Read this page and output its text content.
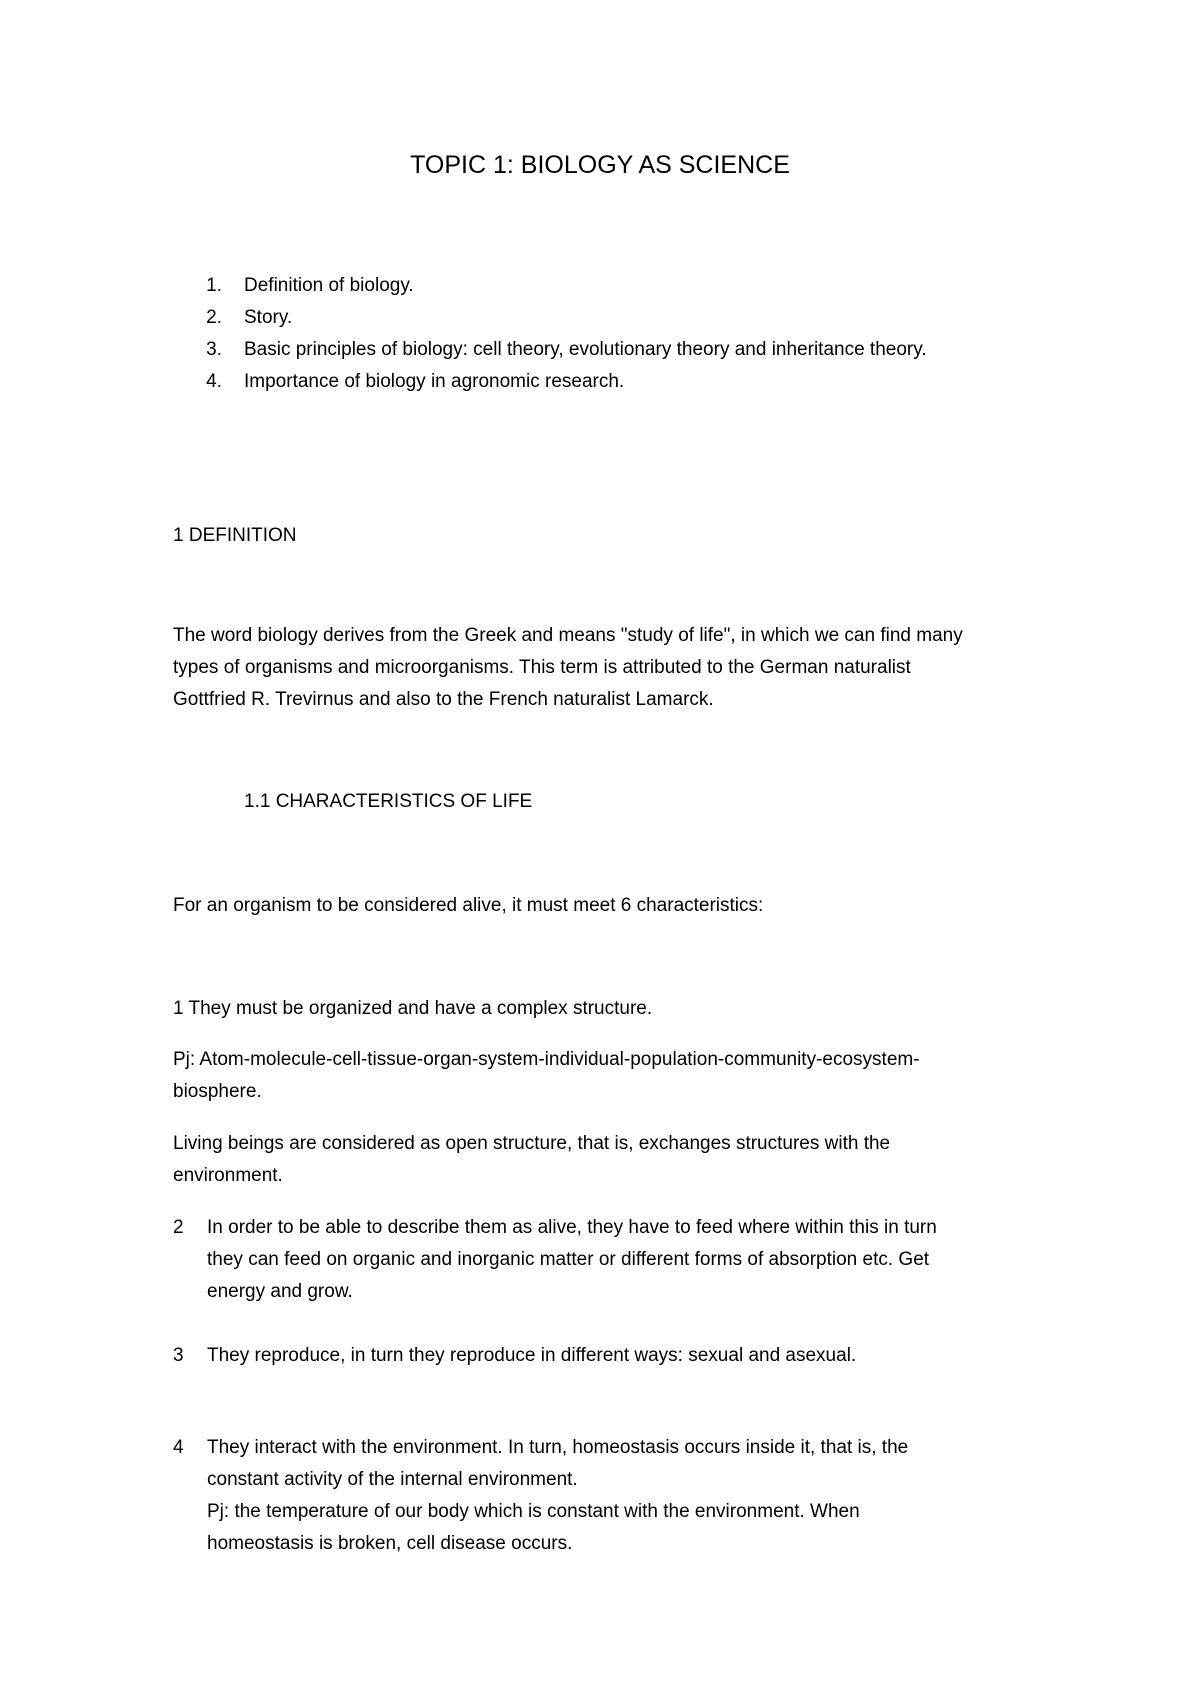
TOPIC 1: BIOLOGY AS SCIENCE
1.	Definition of biology.
2.	Story.
3.	Basic principles of biology: cell theory, evolutionary theory and inheritance theory.
4.	Importance of biology in agronomic research.
1 DEFINITION
The word biology derives from the Greek and means "study of life", in which we can find many
types of organisms and microorganisms. This term is attributed to the German naturalist
Gottfried R. Trevirnus and also to the French naturalist Lamarck.
1.1 CHARACTERISTICS OF LIFE
For an organism to be considered alive, it must meet 6 characteristics:
1 They must be organized and have a complex structure.
Pj: Atom-molecule-cell-tissue-organ-system-individual-population-community-ecosystem-
biosphere.
Living beings are considered as open structure, that is, exchanges structures with the
environment.
2	In order to be able to describe them as alive, they have to feed where within this in turn
they can feed on organic and inorganic matter or different forms of absorption etc. Get
energy and grow.
3	They reproduce, in turn they reproduce in different ways: sexual and asexual.
4	They interact with the environment. In turn, homeostasis occurs inside it, that is, the
constant activity of the internal environment.
Pj: the temperature of our body which is constant with the environment. When
homeostasis is broken, cell disease occurs.
